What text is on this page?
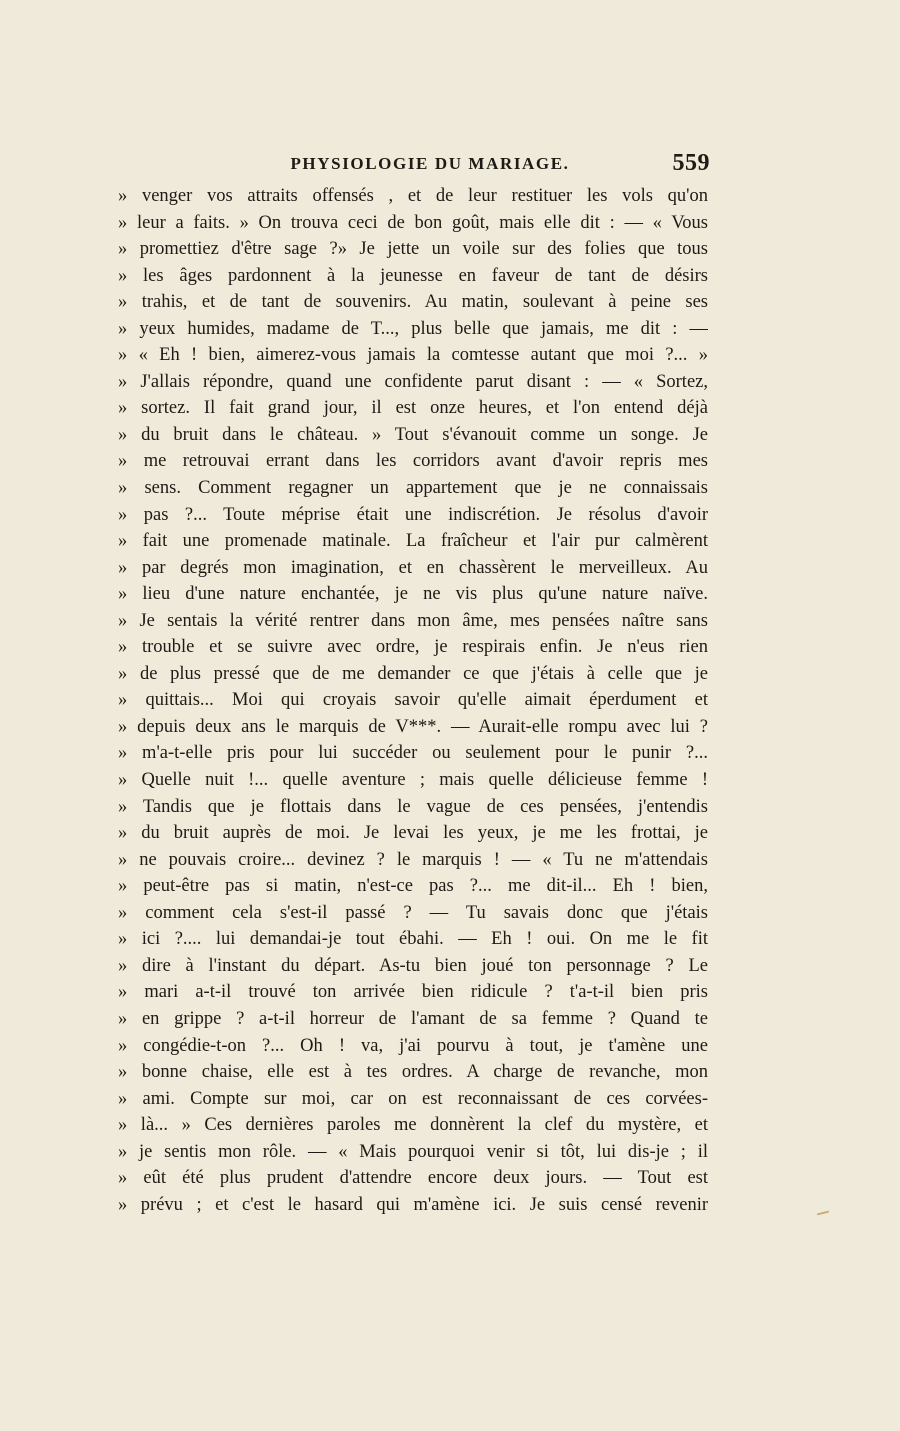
PHYSIOLOGIE DU MARIAGE.	559
» venger vos attraits offensés , et de leur restituer les vols qu'on
» leur a faits. » On trouva ceci de bon goût, mais elle dit : — « Vous
» promettiez d'être sage ?» Je jette un voile sur des folies que tous
» les âges pardonnent à la jeunesse en faveur de tant de désirs
» trahis, et de tant de souvenirs. Au matin, soulevant à peine ses
» yeux humides, madame de T..., plus belle que jamais, me dit : —
» « Eh ! bien, aimerez-vous jamais la comtesse autant que moi ?... »
» J'allais répondre, quand une confidente parut disant : — « Sortez,
» sortez. Il fait grand jour, il est onze heures, et l'on entend déjà
» du bruit dans le château. » Tout s'évanouit comme un songe. Je
» me retrouvai errant dans les corridors avant d'avoir repris mes
» sens. Comment regagner un appartement que je ne connaissais
» pas ?... Toute méprise était une indiscrétion. Je résolus d'avoir
» fait une promenade matinale. La fraîcheur et l'air pur calmèrent
» par degrés mon imagination, et en chassèrent le merveilleux. Au
» lieu d'une nature enchantée, je ne vis plus qu'une nature naïve.
» Je sentais la vérité rentrer dans mon âme, mes pensées naître sans
» trouble et se suivre avec ordre, je respirais enfin. Je n'eus rien
» de plus pressé que de me demander ce que j'étais à celle que je
» quittais... Moi qui croyais savoir qu'elle aimait éperdument et
» depuis deux ans le marquis de V***. — Aurait-elle rompu avec lui ?
» m'a-t-elle pris pour lui succéder ou seulement pour le punir ?...
» Quelle nuit !... quelle aventure ; mais quelle délicieuse femme !
» Tandis que je flottais dans le vague de ces pensées, j'entendis
» du bruit auprès de moi. Je levai les yeux, je me les frottai, je
» ne pouvais croire... devinez ? le marquis ! — « Tu ne m'attendais
» peut-être pas si matin, n'est-ce pas ?... me dit-il... Eh ! bien,
» comment cela s'est-il passé ? — Tu savais donc que j'étais
» ici ?.... lui demandai-je tout ébahi. — Eh ! oui. On me le fit
» dire à l'instant du départ. As-tu bien joué ton personnage ? Le
» mari a-t-il trouvé ton arrivée bien ridicule ? t'a-t-il bien pris
» en grippe ? a-t-il horreur de l'amant de sa femme ? Quand te
» congédie-t-on ?... Oh ! va, j'ai pourvu à tout, je t'amène une
» bonne chaise, elle est à tes ordres. A charge de revanche, mon
» ami. Compte sur moi, car on est reconnaissant de ces corvées-
» là... » Ces dernières paroles me donnèrent la clef du mystère, et
» je sentis mon rôle. — « Mais pourquoi venir si tôt, lui dis-je ; il
» eût été plus prudent d'attendre encore deux jours. — Tout est
» prévu ; et c'est le hasard qui m'amène ici. Je suis censé revenir
